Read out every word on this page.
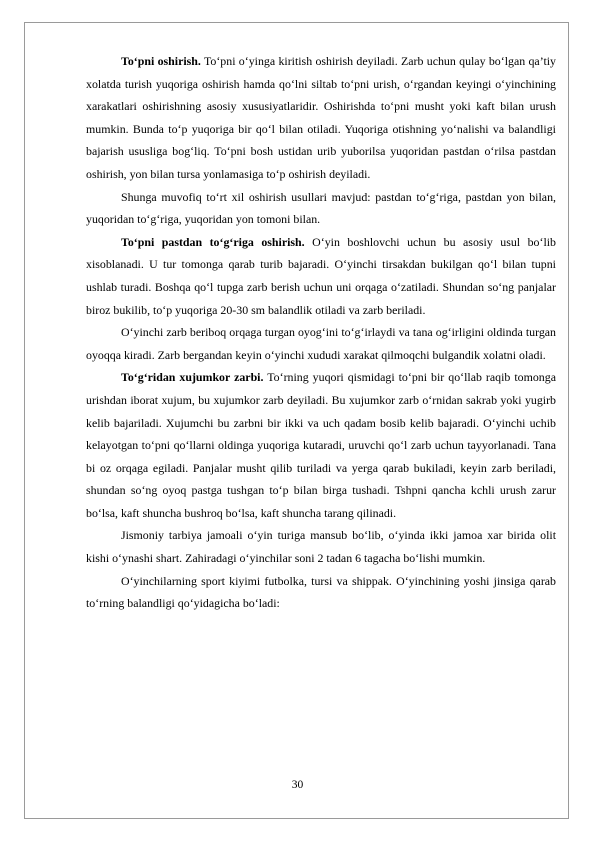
To‘pni oshirish. To‘pni o‘yinga kiritish oshirish deyiladi. Zarb uchun qulay bo‘lgan qa’tiy xolatda turish yuqoriga oshirish hamda qo‘lni siltab to‘pni urish, o‘rgandan keyingi o‘yinchining xarakatlari oshirishning asosiy xususiyatlaridir. Oshirishda to‘pni musht yoki kaft bilan urush mumkin. Bunda to‘p yuqoriga bir qo‘l bilan otiladi. Yuqoriga otishning yo‘nalishi va balandligi bajarish ususliga bog‘liq. To‘pni bosh ustidan urib yuborilsa yuqoridan pastdan o‘rilsa pastdan oshirish, yon bilan tursa yonlamasiga to‘p oshirish deyiladi.

Shunga muvofiq to‘rt xil oshirish usullari mavjud: pastdan to‘g‘riga, pastdan yon bilan, yuqoridan to‘g‘riga, yuqoridan yon tomoni bilan.

To‘pni pastdan to‘g‘riga oshirish. O‘yin boshlovchi uchun bu asosiy usul bo‘lib xisoblanadi. U tur tomonga qarab turib bajaradi. O‘yinchi tirsakdan bukilgan qo‘l bilan tupni ushlab turadi. Boshqa qo‘l tupga zarb berish uchun uni orqaga o‘zatiladi. Shundan so‘ng panjalar biroz bukilib, to‘p yuqoriga 20-30 sm balandlik otiladi va zarb beriladi.

O‘yinchi zarb beriboq orqaga turgan oyog‘ini to‘g‘irlaydi va tana og‘irligini oldinda turgan oyoqqa kiradi. Zarb bergandan keyin o‘yinchi xududi xarakat qilmoqchi bulgandik xolatni oladi.

To‘g‘ridan xujumkor zarbi. To‘rning yuqori qismidagi to‘pni bir qo‘llab raqib tomonga urishdan iborat xujum, bu xujumkor zarb deyiladi. Bu xujumkor zarb o‘rnidan sakrab yoki yugirb kelib bajariladi. Xujumchi bu zarbni bir ikki va uch qadam bosib kelib bajaradi. O‘yinchi uchib kelayotgan to‘pni qo‘llarni oldinga yuqoriga kutaradi, uruvchi qo‘l zarb uchun tayyorlanadi. Tana bi oz orqaga egiladi. Panjalar musht qilib turiladi va yerga qarab bukiladi, keyin zarb beriladi, shundan so‘ng oyoq pastga tushgan to‘p bilan birga tushadi. Tshpni qancha kchli urush zarur bo‘lsa, kaft shuncha bushroq bo‘lsa, kaft shuncha tarang qilinadi.

Jismoniy tarbiya jamoali o‘yin turiga mansub bo‘lib, o‘yinda ikki jamoa xar birida olit kishi o‘ynashi shart. Zahiradagi o‘yinchilar soni 2 tadan 6 tagacha bo‘lishi mumkin.

O‘yinchilarning sport kiyimi futbolka, tursi va shippak. O‘yinchining yoshi jinsiga qarab to‘rning balandligi qo‘yidagicha bo‘ladi:

30
